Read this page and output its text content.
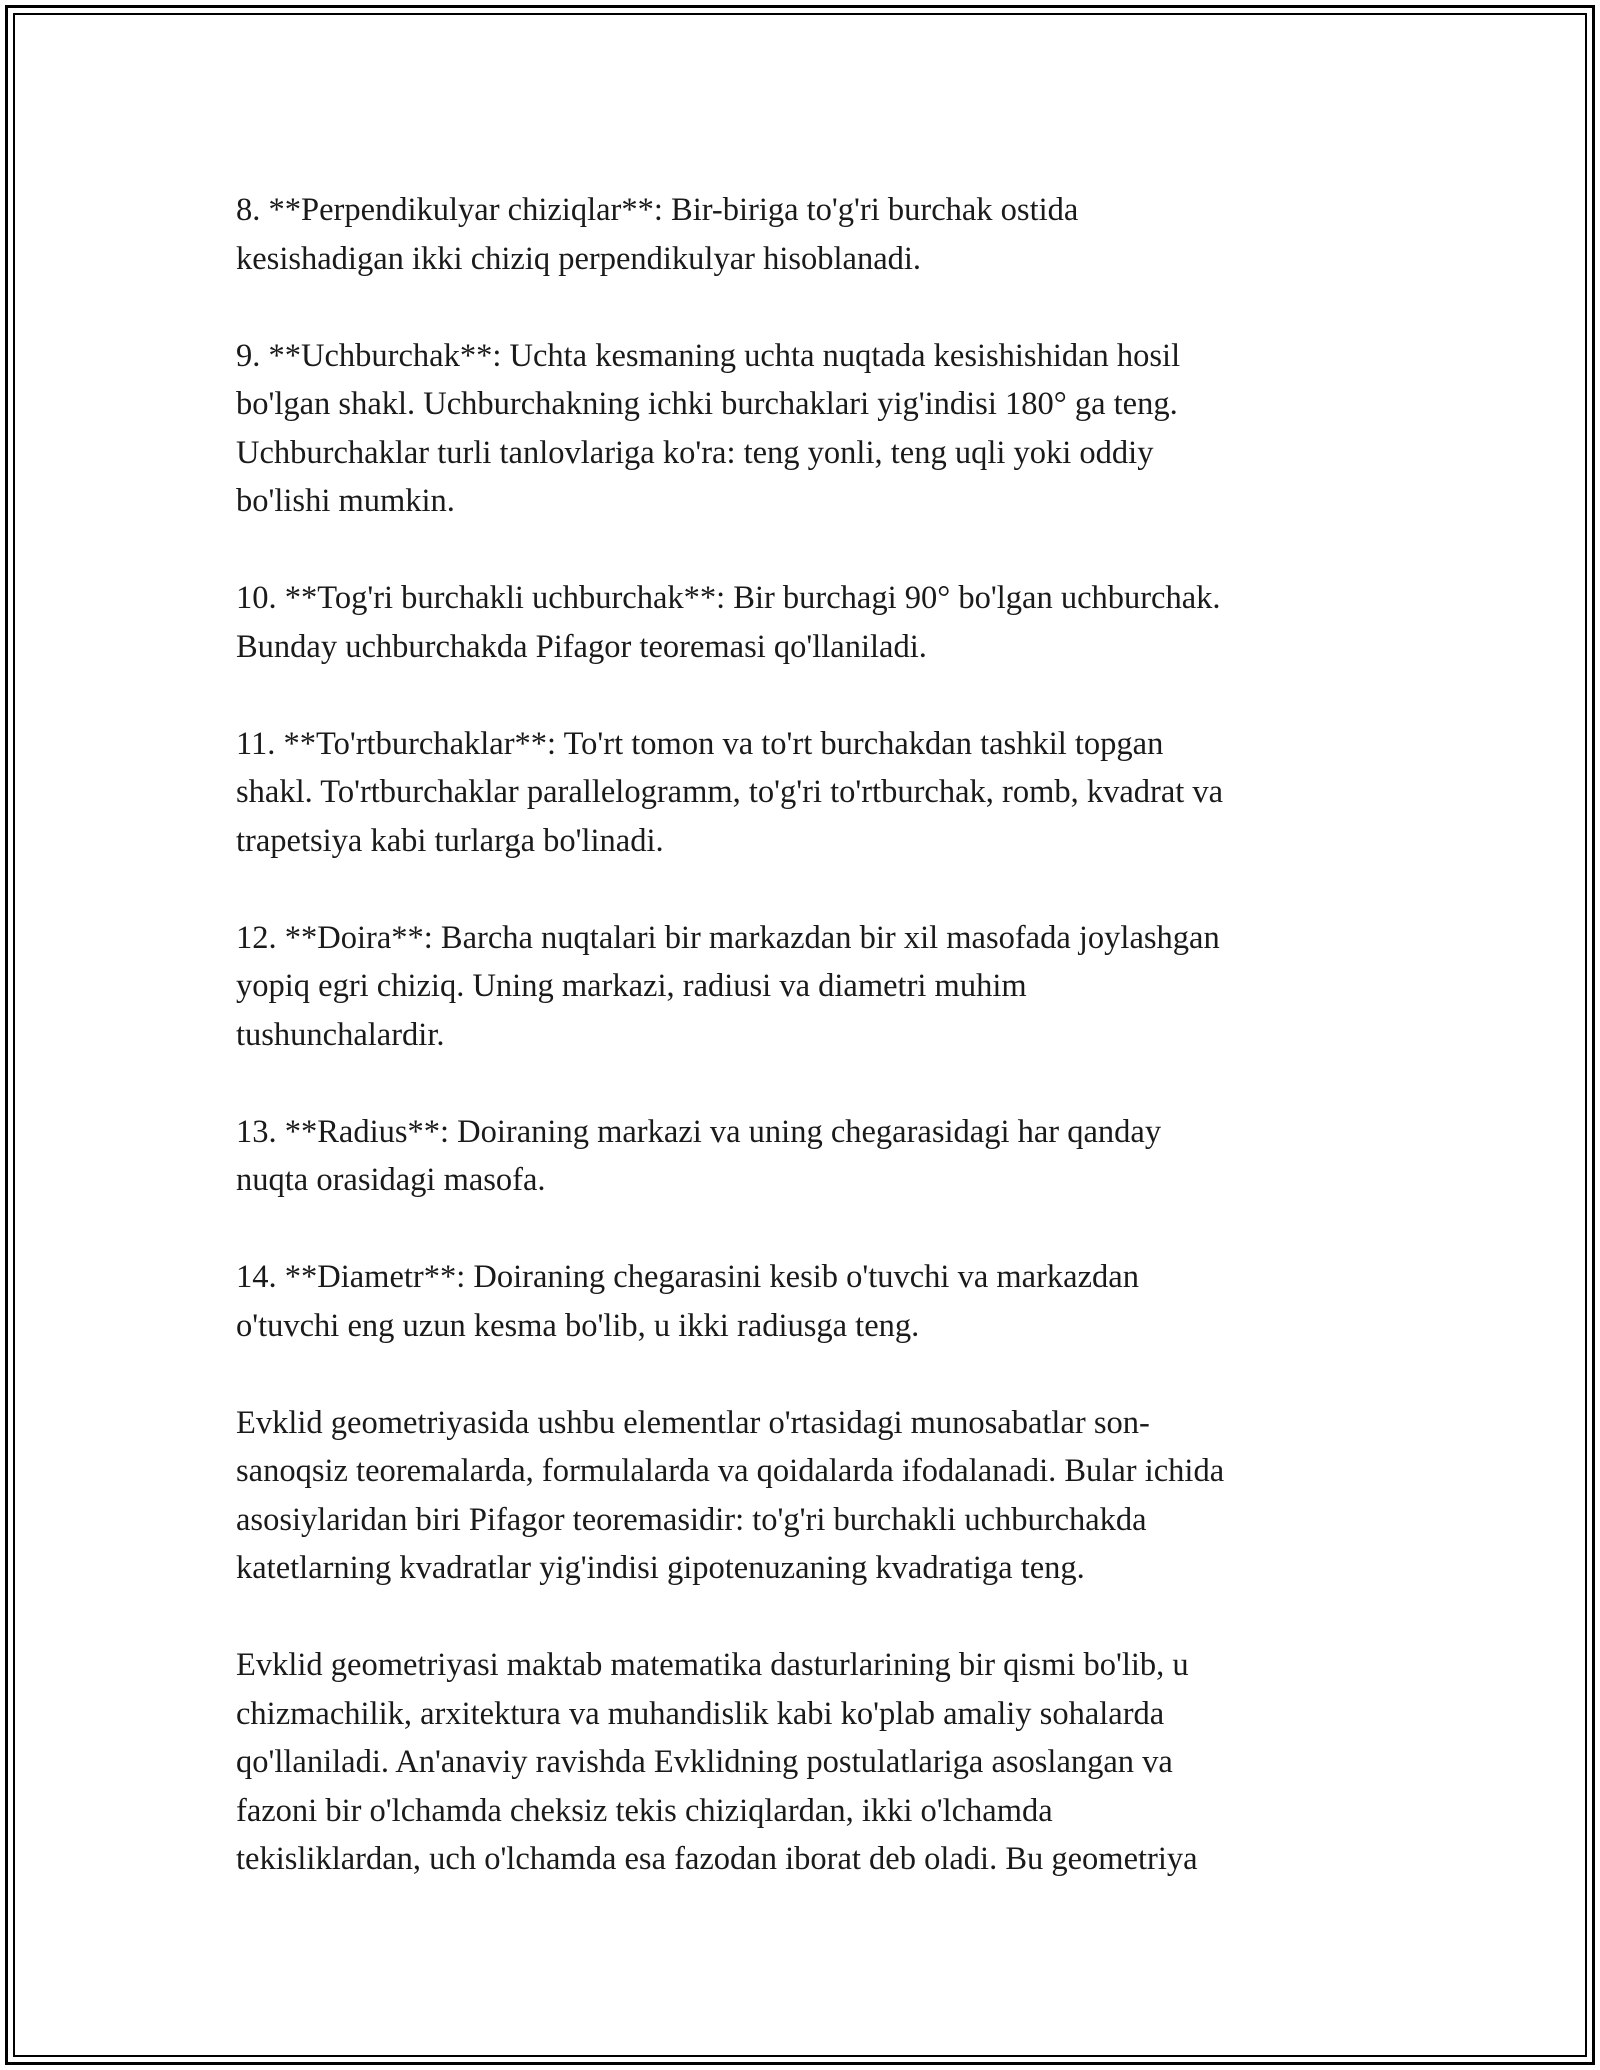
8. **Perpendikulyar chiziqlar**: Bir-biriga to'g'ri burchak ostida
kesishadigan ikki chiziq perpendikulyar hisoblanadi.

9. **Uchburchak**: Uchta kesmaning uchta nuqtada kesishishidan hosil
bo'lgan shakl. Uchburchakning ichki burchaklari yig'indisi 180° ga teng.
Uchburchaklar turli tanlovlariga ko'ra: teng yonli, teng uqli yoki oddiy
bo'lishi mumkin.

10. **Tog'ri burchakli uchburchak**: Bir burchagi 90° bo'lgan uchburchak.
Bunday uchburchakda Pifagor teoremasi qo'llaniladi.

11. **To'rtburchaklar**: To'rt tomon va to'rt burchakdan tashkil topgan
shakl. To'rtburchaklar parallelogramm, to'g'ri to'rtburchak, romb, kvadrat va
trapetsiya kabi turlarga bo'linadi.

12. **Doira**: Barcha nuqtalari bir markazdan bir xil masofada joylashgan
yopiq egri chiziq. Uning markazi, radiusi va diametri muhim
tushunchalardir.

13. **Radius**: Doiraning markazi va uning chegarasidagi har qanday
nuqta orasidagi masofa.

14. **Diametr**: Doiraning chegarasini kesib o'tuvchi va markazdan
o'tuvchi eng uzun kesma bo'lib, u ikki radiusga teng.

Evklid geometriyasida ushbu elementlar o'rtasidagi munosabatlar son-
sanoqsiz teoremalarda, formulalarda va qoidalarda ifodalanadi. Bular ichida
asosiylaridan biri Pifagor teoremasidir: to'g'ri burchakli uchburchakda
katetlarning kvadratlar yig'indisi gipotenuzaning kvadratiga teng.

Evklid geometriyasi maktab matematika dasturlarining bir qismi bo'lib, u
chizmachilik, arxitektura va muhandislik kabi ko'plab amaliy sohalarda
qo'llaniladi. An'anaviy ravishda Evklidning postulatlariga asoslangan va
fazoni bir o'lchamda cheksiz tekis chiziqlardan, ikki o'lchamda
tekisliklardan, uch o'lchamda esa fazodan iborat deb oladi. Bu geometriya
